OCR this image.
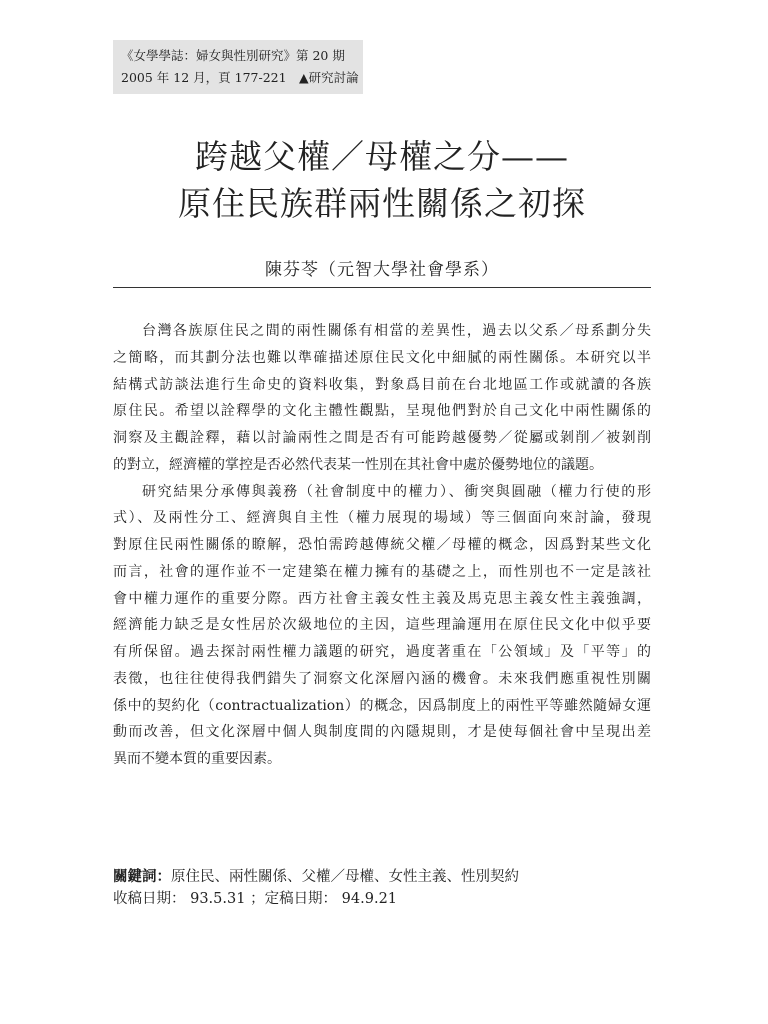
《女學學誌：婦女與性別研究》第 20 期
2005 年 12 月，頁 177-221　▲研究討論
跨越父權／母權之分——
原住民族群兩性關係之初探
陳芬苓（元智大學社會學系）
台灣各族原住民之間的兩性關係有相當的差異性，過去以父系／母系劃分失
之簡略，而其劃分法也難以準確描述原住民文化中細膩的兩性關係。本研究以半
結構式訪談法進行生命史的資料收集，對象爲目前在台北地區工作或就讀的各族
原住民。希望以詮釋學的文化主體性觀點，呈現他們對於自己文化中兩性關係的
洞察及主觀詮釋，藉以討論兩性之間是否有可能跨越優勢／從屬或剝削／被剝削
的對立，經濟權的掌控是否必然代表某一性別在其社會中處於優勢地位的議題。
研究結果分承傳與義務（社會制度中的權力）、衝突與圓融（權力行使的形
式）、及兩性分工、經濟與自主性（權力展現的場域）等三個面向來討論，發現
對原住民兩性關係的瞭解，恐怕需跨越傳統父權／母權的概念，因爲對某些文化
而言，社會的運作並不一定建築在權力擁有的基礎之上，而性別也不一定是該社
會中權力運作的重要分際。西方社會主義女性主義及馬克思主義女性主義強調，
經濟能力缺乏是女性居於次級地位的主因，這些理論運用在原住民文化中似乎要
有所保留。過去探討兩性權力議題的研究，過度著重在「公領域」及「平等」的
表徵，也往往使得我們錯失了洞察文化深層內涵的機會。未來我們應重視性別關
係中的契約化（contractualization）的概念，因爲制度上的兩性平等雖然隨婦女運
動而改善，但文化深層中個人與制度間的內隱規則，才是使每個社會中呈現出差
異而不變本質的重要因素。
關鍵詞：原住民、兩性關係、父權／母權、女性主義、性別契約
收稿日期： 93.5.31 ；定稿日期： 94.9.21
